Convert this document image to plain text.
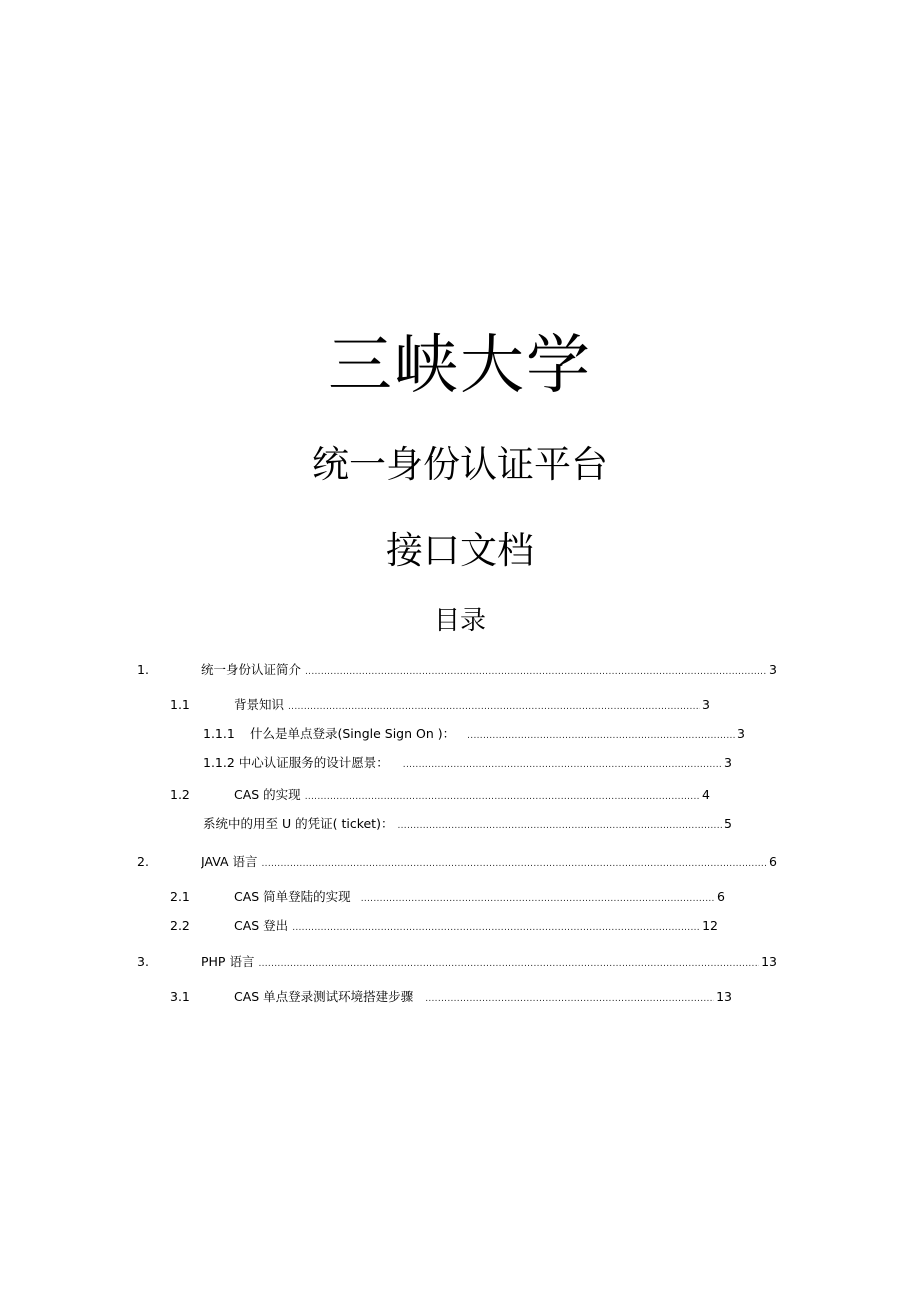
三峡大学
统一身份认证平台
接口文档
目录
1.	统一身份认证简介 .....	3
1.1	背景知识 .....	3
1.1.1 什么是单点登录(Single Sign On )： .....	3
1.1.2 中心认证服务的设计愿景： .....	3
1.2	CAS 的实现 .....	4
系统中的用至 U 的凭证( ticket)： .....	5
2.	JAVA 语言 .....	6
2.1	CAS 简单登陆的实现 .....	6
2.2	CAS 登出 .....	12
3.	PHP 语言 .....	13
3.1	CAS 单点登录测试环境搭建步骤 .....	13
